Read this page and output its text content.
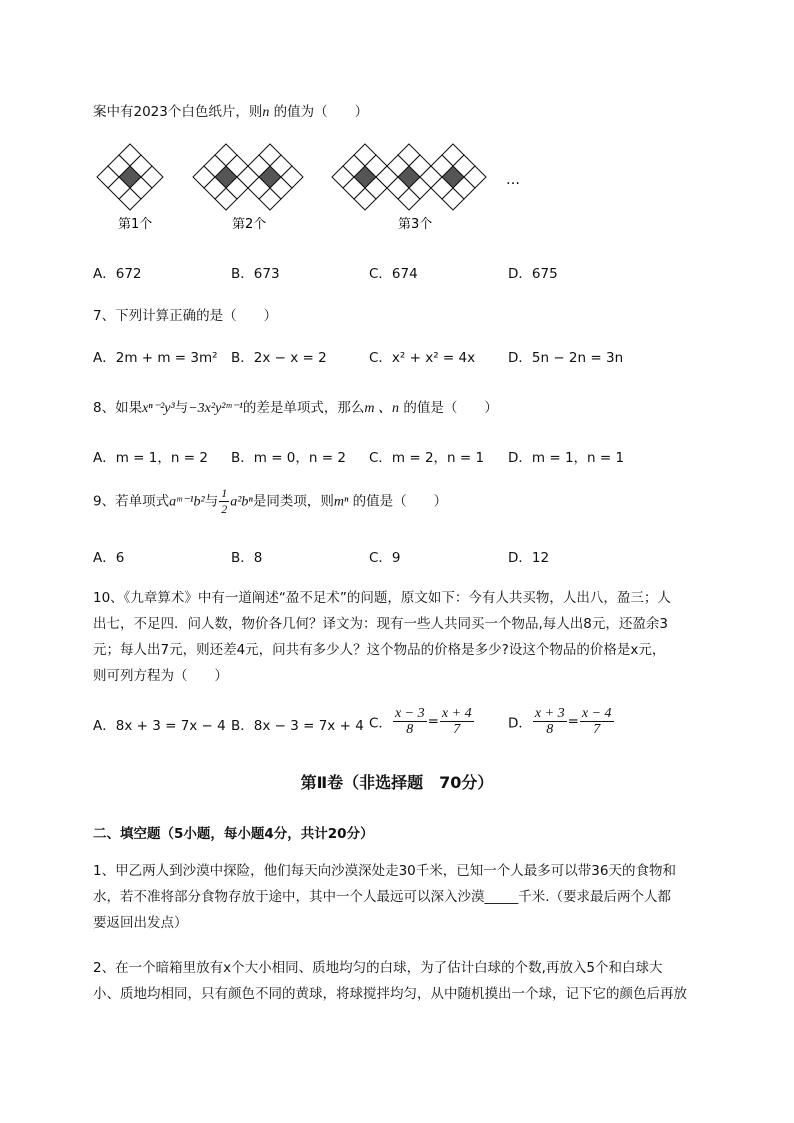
案中有2023个白色纸片，则n 的值为（　　）
…
第1个	第2个	第3个
A．672	B．673	C．674	D．675
7、下列计算正确的是（　　）
A．2m + m = 3m² B．2x − x = 2	C．x² + x² = 4x D．5n − 2n = 3n
8、如果xⁿ⁻²y³与−3x²y²ᵐ⁻¹的差是单项式，那么m 、n 的值是（　　）
A．m = 1，n = 2 B．m = 0，n = 2 C．m = 2，n = 1 D．m = 1，n = 1
9、若单项式aᵐ⁻¹b²与 $\frac{1}{2} a^2b^n$是同类项，则mⁿ 的值是（　　）
A．6	B．8	C．9	D．12
10、《九章算术》中有一道阐述“盈不足术”的问题，原文如下：今有人共买物，人出八，盈三；人
出七，不足四．问人数，物价各几何？译文为：现有一些人共同买一个物品,每人出8元，还盈余3
元；每人出7元，则还差4元，问共有多少人？这个物品的价格是多少?设这个物品的价格是x元，
则可列方程为（　　）
A．8x + 3 = 7x − 4 B．8x − 3 = 7x + 4 C． $\frac{x - 3}{8} = \frac{x + 4}{7}$	D． $\frac{x + 3}{8} = \frac{x - 4}{7}$
第Ⅱ卷（非选择题　70分）
二、填空题（5小题，每小题4分，共计20分）
1、甲乙两人到沙漠中探险，他们每天向沙漠深处走30千米，已知一个人最多可以带36天的食物和
水，若不准将部分食物存放于途中，其中一个人最远可以深入沙漠_____千米.（要求最后两个人都
要返回出发点）
2、在一个暗箱里放有x个大小相同、质地均匀的白球，为了估计白球的个数,再放入5个和白球大
小、质地均相同，只有颜色不同的黄球，将球搅拌均匀，从中随机摸出一个球，记下它的颜色后再放
